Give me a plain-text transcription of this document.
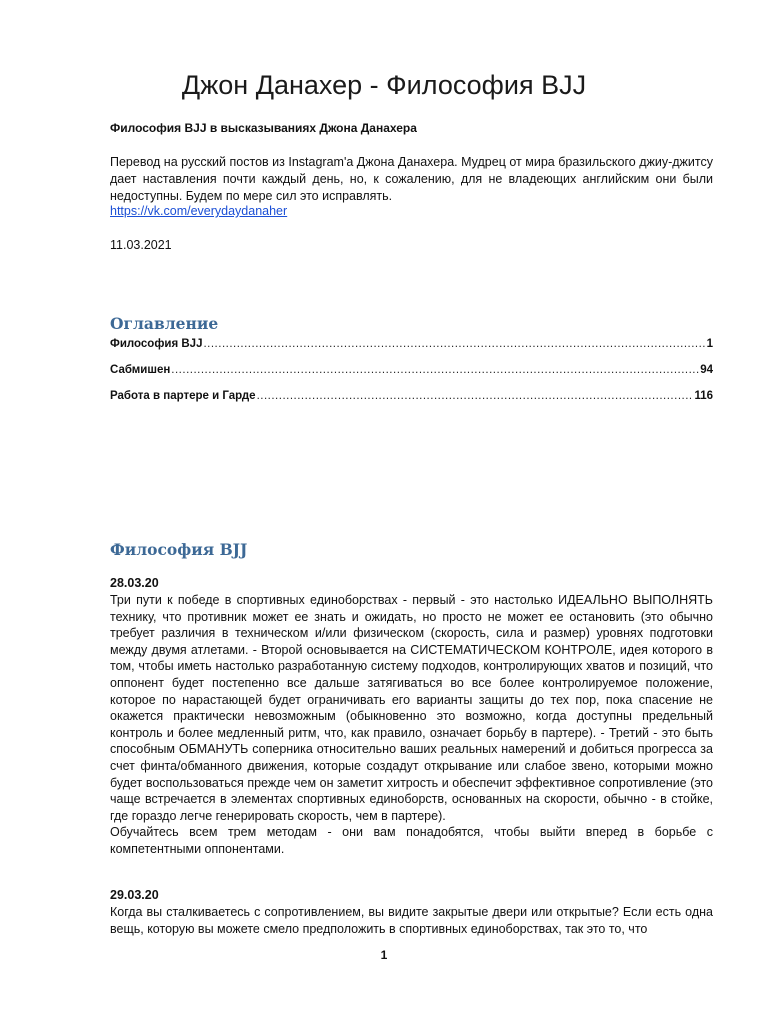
Джон Данахер - Философия BJJ

Философия BJJ в высказываниях Джона Данахера

Перевод на русский постов из Instagram'а Джона Данахера. Мудрец от мира бразильского джиу-джитсу дает наставления почти каждый день, но, к сожалению, для не владеющих английским они были недоступны. Будем по мере сил это исправлять.

https://vk.com/everydaydanaher
11.03.2021
Оглавление
Философия BJJ .....	1
Сабмишен .....	94
Работа в партере и Гарде .....	116
Философия BJJ

28.03.20

Три пути к победе в спортивных единоборствах - первый - это настолько ИДЕАЛЬНО ВЫПОЛНЯТЬ технику, что противник может ее знать и ожидать, но просто не может ее остановить (это обычно требует различия в техническом и/или физическом (скорость, сила и размер) уровнях подготовки между двумя атлетами. - Второй основывается на СИСТЕМАТИЧЕСКОМ КОНТРОЛЕ, идея которого в том, чтобы иметь настолько разработанную систему подходов, контролирующих хватов и позиций, что оппонент будет постепенно все дальше затягиваться во все более контролируемое положение, которое по нарастающей будет ограничивать его варианты защиты до тех пор, пока спасение не окажется практически невозможным (обыкновенно это возможно, когда доступны предельный контроль и более медленный ритм, что, как правило, означает борьбу в партере). - Третий - это быть способным ОБМАНУТЬ соперника относительно ваших реальных намерений и добиться прогресса за счет финта/обманного движения, которые создадут открывание или слабое звено, которыми можно будет воспользоваться прежде чем он заметит хитрость и обеспечит эффективное сопротивление (это чаще встречается в элементах спортивных единоборств, основанных на скорости, обычно - в стойке, где гораздо легче генерировать скорость, чем в партере).
Обучайтесь всем трем методам - они вам понадобятся, чтобы выйти вперед в борьбе с компетентными оппонентами.

29.03.20

Когда вы сталкиваетесь с сопротивлением, вы видите закрытые двери или открытые? Если есть одна вещь, которую вы можете смело предположить в спортивных единоборствах, так это то, что

1
